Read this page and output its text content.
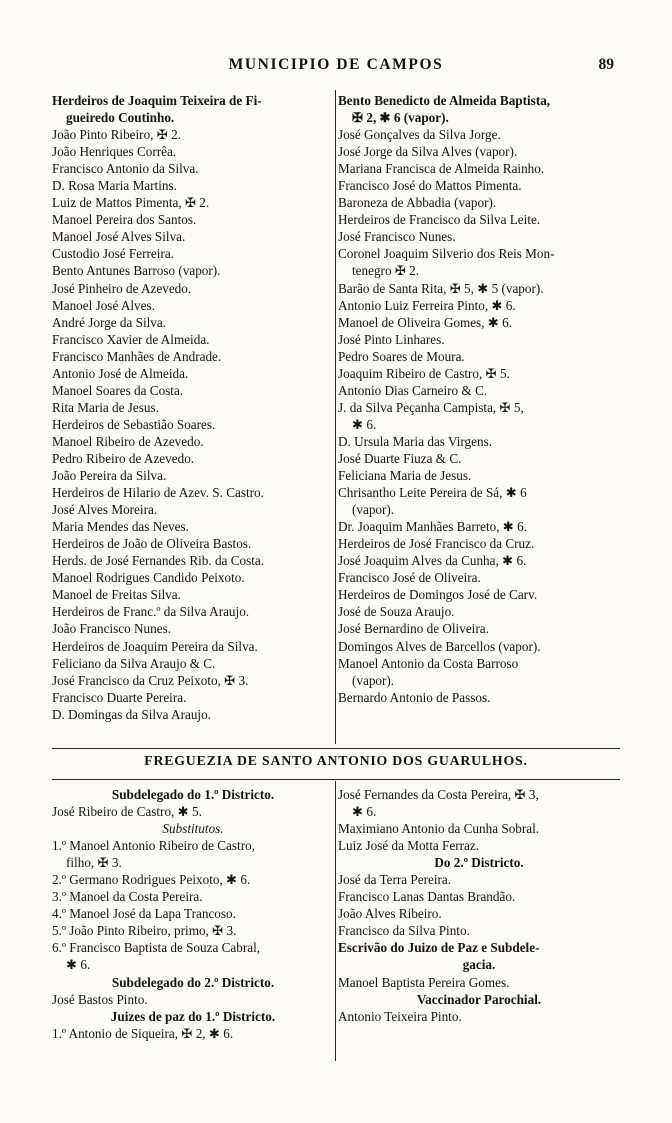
MUNICIPIO DE CAMPOS	89
Herdeiros de Joaquim Teixeira de Fi-
gueiredo Coutinho.
João Pinto Ribeiro, ✠ 2.
João Henriques Corrêa.
Francisco Antonio da Silva.
D. Rosa Maria Martins.
Luiz de Mattos Pimenta, ✠ 2.
Manoel Pereira dos Santos.
Manoel José Alves Silva.
Custodio José Ferreira.
Bento Antunes Barroso (vapor).
José Pinheiro de Azevedo.
Manoel José Alves.
André Jorge da Silva.
Francisco Xavier de Almeida.
Francisco Manhães de Andrade.
Antonio José de Almeida.
Manoel Soares da Costa.
Rita Maria de Jesus.
Herdeiros de Sebastião Soares.
Manoel Ribeiro de Azevedo.
Pedro Ribeiro de Azevedo.
João Pereira da Silva.
Herdeiros de Hilario de Azev. S. Castro.
José Alves Moreira.
Maria Mendes das Neves.
Herdeiros de João de Oliveira Bastos.
Herds. de José Fernandes Rib. da Costa.
Manoel Rodrigues Candido Peixoto.
Manoel de Freitas Silva.
Herdeiros de Franc.º da Silva Araujo.
João Francisco Nunes.
Herdeiros de Joaquim Pereira da Silva.
Feliciano da Silva Araujo & C.
José Francisco da Cruz Peixoto, ✠ 3.
Francisco Duarte Pereira.
D. Domingas da Silva Araujo.
Bento Benedicto de Almeida Baptista,
✠ 2, ✱ 6 (vapor).
José Gonçalves da Silva Jorge.
José Jorge da Silva Alves (vapor).
Mariana Francisca de Almeida Rainho.
Francisco José do Mattos Pimenta.
Baroneza de Abbadia (vapor).
Herdeiros de Francisco da Silva Leite.
José Francisco Nunes.
Coronel Joaquim Silverio dos Reis Mon-
tenegro ✠ 2.
Barão de Santa Rita, ✠ 5, ✱ 5 (vapor).
Antonio Luiz Ferreira Pinto, ✱ 6.
Manoel de Oliveira Gomes, ✱ 6.
José Pinto Linhares.
Pedro Soares de Moura.
Joaquim Ribeiro de Castro, ✠ 5.
Antonio Dias Carneiro & C.
J. da Silva Peçanha Campista, ✠ 5,
✱ 6.
D. Ursula Maria das Virgens.
José Duarte Fiuza & C.
Feliciana Maria de Jesus.
Chrisantho Leite Pereira de Sá, ✱ 6
(vapor).
Dr. Joaquim Manhães Barreto, ✱ 6.
Herdeiros de José Francisco da Cruz.
José Joaquim Alves da Cunha, ✱ 6.
Francisco José de Oliveira.
Herdeiros de Domingos José de Carv.
José de Souza Araujo.
José Bernardino de Oliveira.
Domingos Alves de Barcellos (vapor).
Manoel Antonio da Costa Barroso
(vapor).
Bernardo Antonio de Passos.
FREGUEZIA DE SANTO ANTONIO DOS GUARULHOS.
Subdelegado do 1.º Districto.
José Ribeiro de Castro, ✱ 5.
Substitutos.
1.º Manoel Antonio Ribeiro de Castro,
filho, ✠ 3.
2.º Germano Rodrigues Peixoto, ✱ 6.
3.º Manoel da Costa Pereira.
4.º Manoel José da Lapa Trancoso.
5.º João Pinto Ribeiro, primo, ✠ 3.
6.º Francisco Baptista de Souza Cabral,
✱ 6.
Subdelegado do 2.º Districto.
José Bastos Pinto.
Juizes de paz do 1.º Districto.
1.º Antonio de Siqueira, ✠ 2, ✱ 6.
José Fernandes da Costa Pereira, ✠ 3,
✱ 6.
Maximiano Antonio da Cunha Sobral.
Luiz José da Motta Ferraz.
Do 2.º Districto.
José da Terra Pereira.
Francisco Lanas Dantas Brandão.
João Alves Ribeiro.
Francisco da Silva Pinto.
Escrivão do Juizo de Paz e Subdele-
gacia.
Manoel Baptista Pereira Gomes.
Vaccinador Parochial.
Antonio Teixeira Pinto.
